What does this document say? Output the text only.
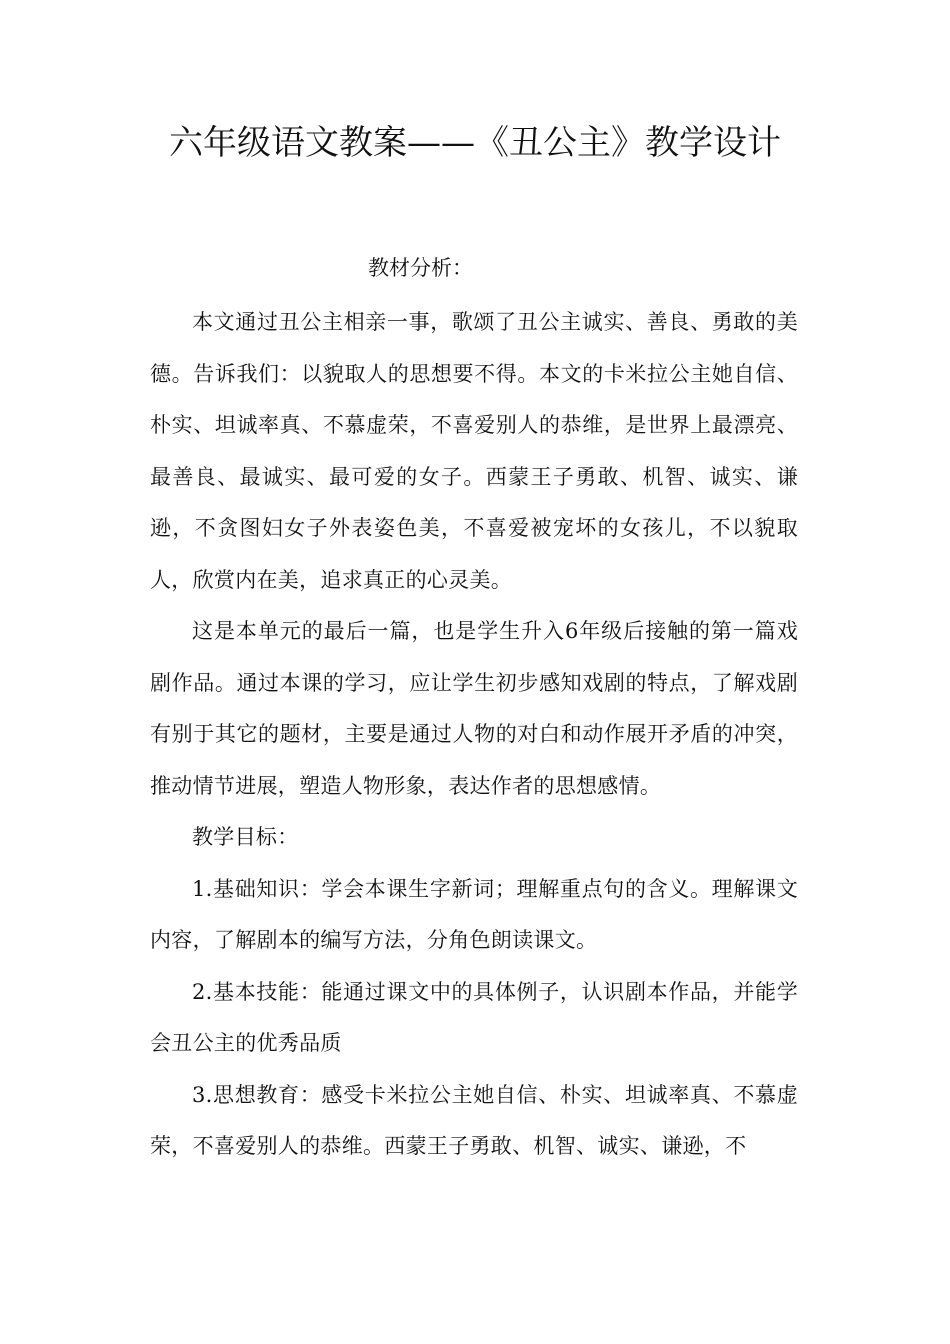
六年级语文教案——《丑公主》教学设计
教材分析：

本文通过丑公主相亲一事，歌颂了丑公主诚实、善良、勇敢的美德。告诉我们：以貌取人的思想要不得。本文的卡米拉公主她自信、朴实、坦诚率真、不慕虚荣，不喜爱别人的恭维，是世界上最漂亮、最善良、最诚实、最可爱的女子。西蒙王子勇敢、机智、诚实、谦逊，不贪图妇女子外表姿色美，不喜爱被宠坏的女孩儿，不以貌取人，欣赏内在美，追求真正的心灵美。

这是本单元的最后一篇，也是学生升入6年级后接触的第一篇戏剧作品。通过本课的学习，应让学生初步感知戏剧的特点，了解戏剧有别于其它的题材，主要是通过人物的对白和动作展开矛盾的冲突，推动情节进展，塑造人物形象，表达作者的思想感情。

教学目标：

1.基础知识：学会本课生字新词；理解重点句的含义。理解课文内容，了解剧本的编写方法，分角色朗读课文。

2.基本技能：能通过课文中的具体例子，认识剧本作品，并能学会丑公主的优秀品质

3.思想教育：感受卡米拉公主她自信、朴实、坦诚率真、不慕虚荣，不喜爱别人的恭维。西蒙王子勇敢、机智、诚实、谦逊，不
